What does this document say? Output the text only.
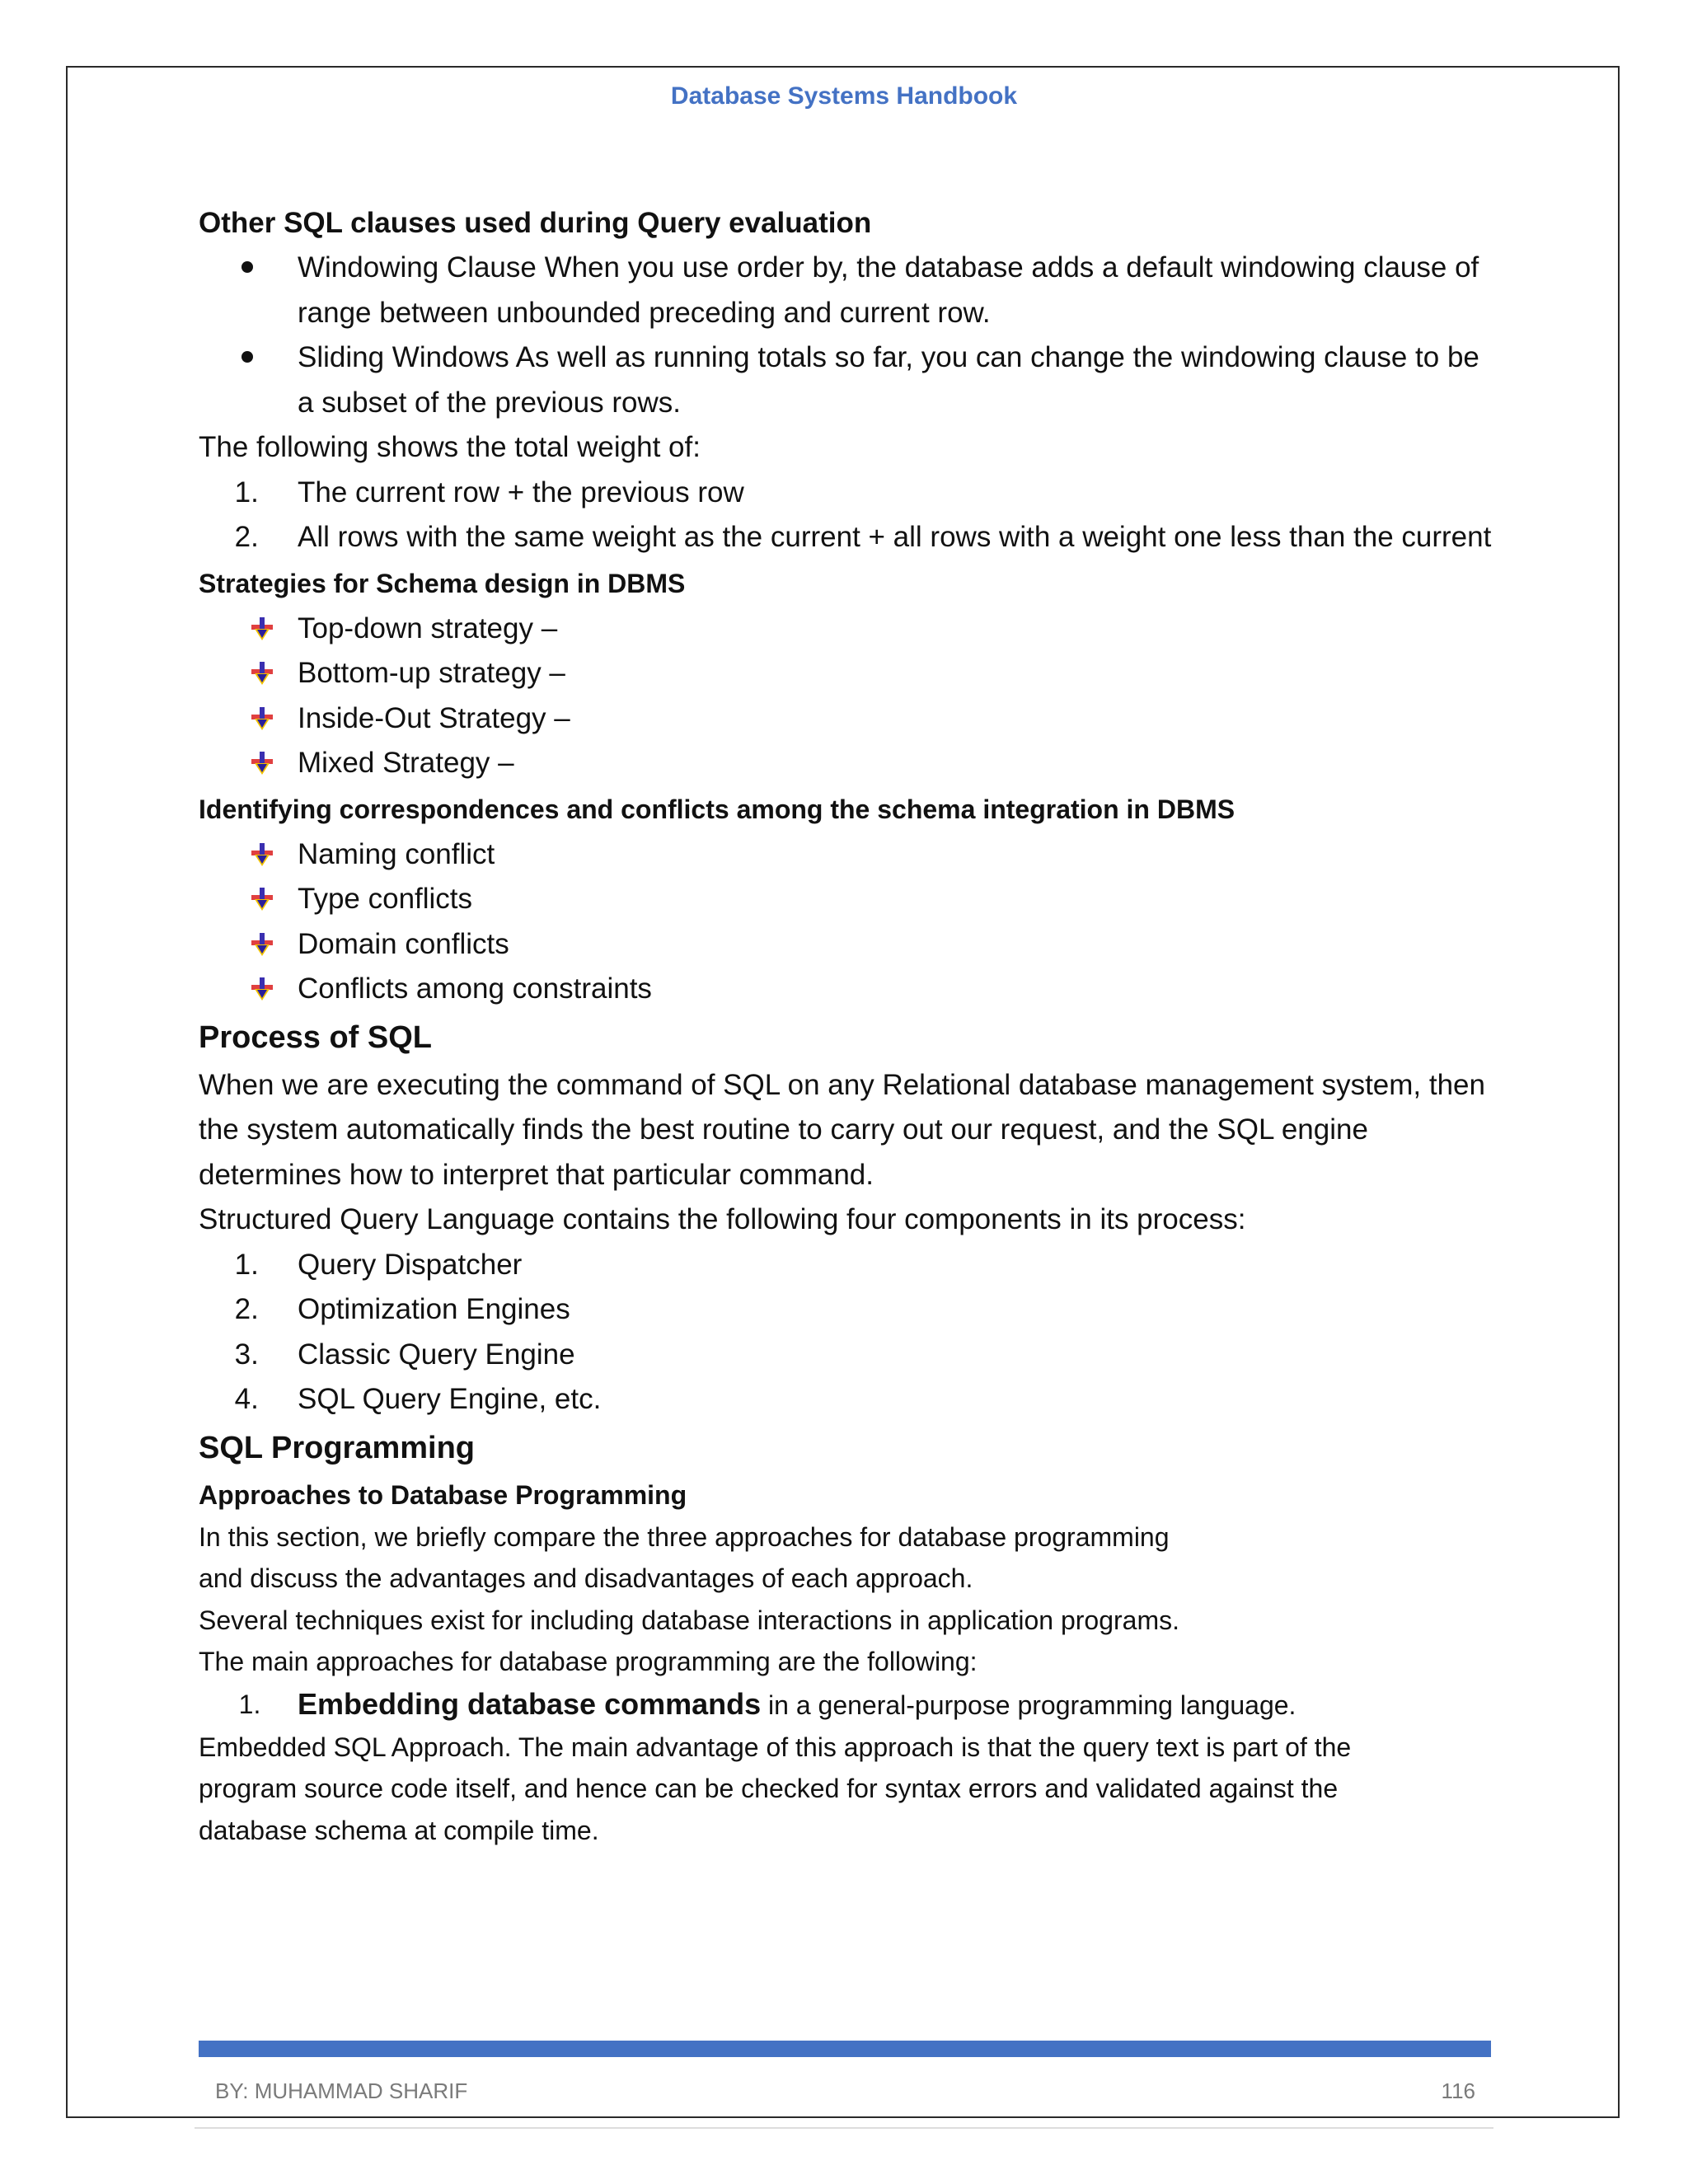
Database Systems Handbook
Other SQL clauses used during Query evaluation
Windowing Clause When you use order by, the database adds a default windowing clause of range between unbounded preceding and current row.
Sliding Windows As well as running totals so far, you can change the windowing clause to be a subset of the previous rows.
The following shows the total weight of:
1. The current row + the previous row
2. All rows with the same weight as the current + all rows with a weight one less than the current
Strategies for Schema design in DBMS
Top-down strategy –
Bottom-up strategy –
Inside-Out Strategy –
Mixed Strategy –
Identifying correspondences and conflicts among the schema integration in DBMS
Naming conflict
Type conflicts
Domain conflicts
Conflicts among constraints
Process of SQL
When we are executing the command of SQL on any Relational database management system, then the system automatically finds the best routine to carry out our request, and the SQL engine determines how to interpret that particular command.
Structured Query Language contains the following four components in its process:
1. Query Dispatcher
2. Optimization Engines
3. Classic Query Engine
4. SQL Query Engine, etc.
SQL Programming
Approaches to Database Programming
In this section, we briefly compare the three approaches for database programming
and discuss the advantages and disadvantages of each approach.
Several techniques exist for including database interactions in application programs.
The main approaches for database programming are the following:
1. Embedding database commands in a general-purpose programming language.
Embedded SQL Approach. The main advantage of this approach is that the query text is part of the
program source code itself, and hence can be checked for syntax errors and validated against the
database schema at compile time.
BY: MUHAMMAD SHARIF	116
